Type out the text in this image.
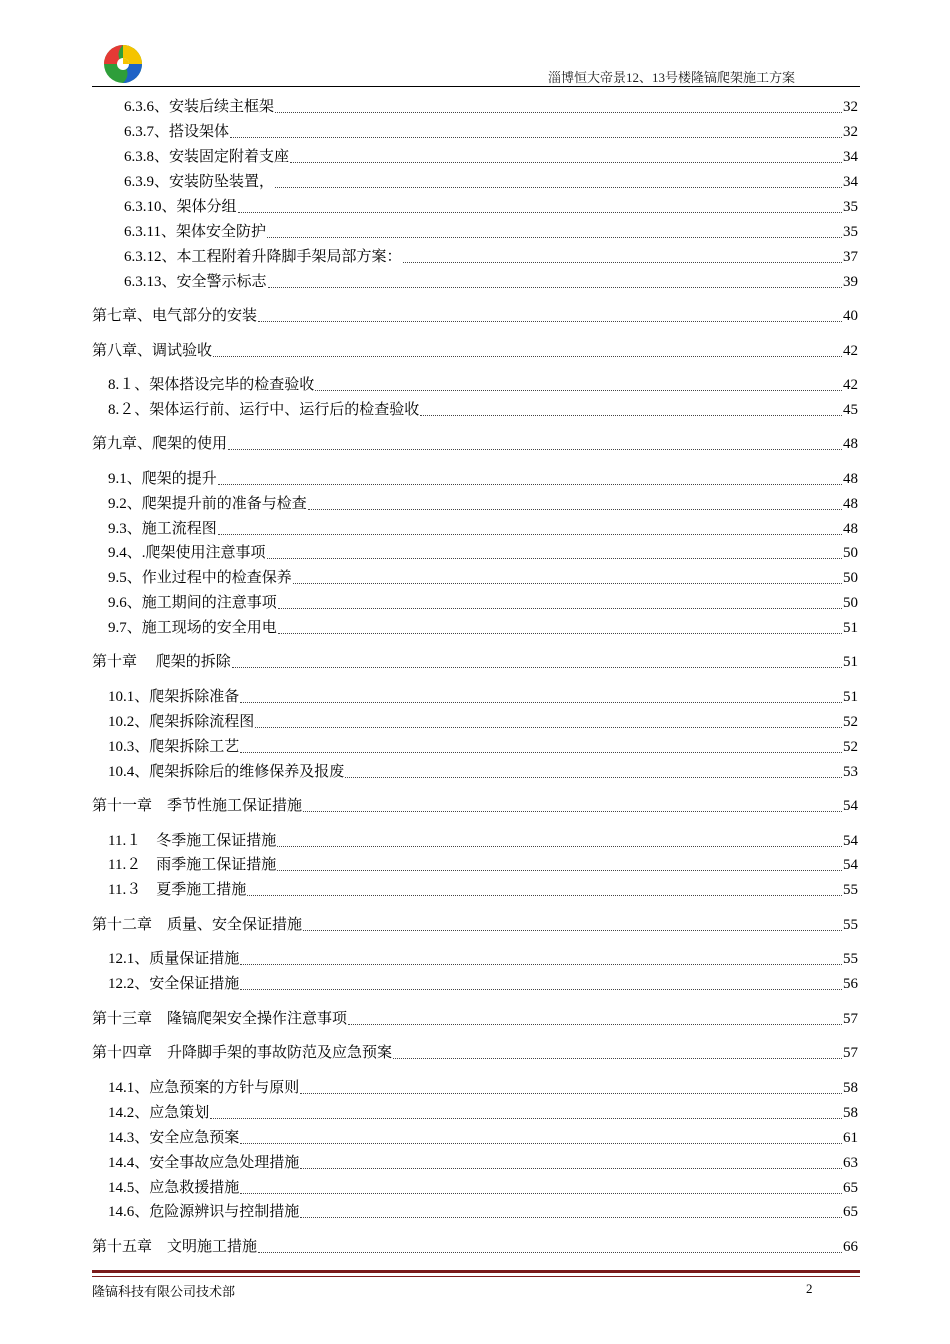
淄博恒大帝景12、13号楼隆镐爬架施工方案
6.3.6、安装后续主框架	32
6.3.7、搭设架体	32
6.3.8、安装固定附着支座	34
6.3.9、安装防坠装置，	34
6.3.10、架体分组	35
6.3.11、架体安全防护	35
6.3.12、本工程附着升降脚手架局部方案：	37
6.3.13、安全警示标志	39
第七章、电气部分的安装	40
第八章、调试验收	42
8.１、架体搭设完毕的检查验收	42
8.２、架体运行前、运行中、运行后的检查验收	45
第九章、爬架的使用	48
9.1、爬架的提升	48
9.2、爬架提升前的准备与检查	48
9.3、施工流程图	48
9.4、.爬架使用注意事项	50
9.5、作业过程中的检查保养	50
9.6、施工期间的注意事项	50
9.7、施工现场的安全用电	51
第十章　 爬架的拆除	51
10.1、爬架拆除准备	51
10.2、爬架拆除流程图	52
10.3、爬架拆除工艺	52
10.4、爬架拆除后的维修保养及报废	53
第十一章　季节性施工保证措施	54
11.１　冬季施工保证措施	54
11.２　雨季施工保证措施	54
11.３　夏季施工措施	55
第十二章　质量、安全保证措施	55
12.1、质量保证措施	55
12.2、安全保证措施	56
第十三章　隆镐爬架安全操作注意事项	57
第十四章　升降脚手架的事故防范及应急预案	57
14.1、应急预案的方针与原则	58
14.2、应急策划	58
14.3、安全应急预案	61
14.4、安全事故应急处理措施	63
14.5、应急救援措施	65
14.6、危险源辨识与控制措施	65
第十五章　文明施工措施	66
隆镐科技有限公司技术部	2
